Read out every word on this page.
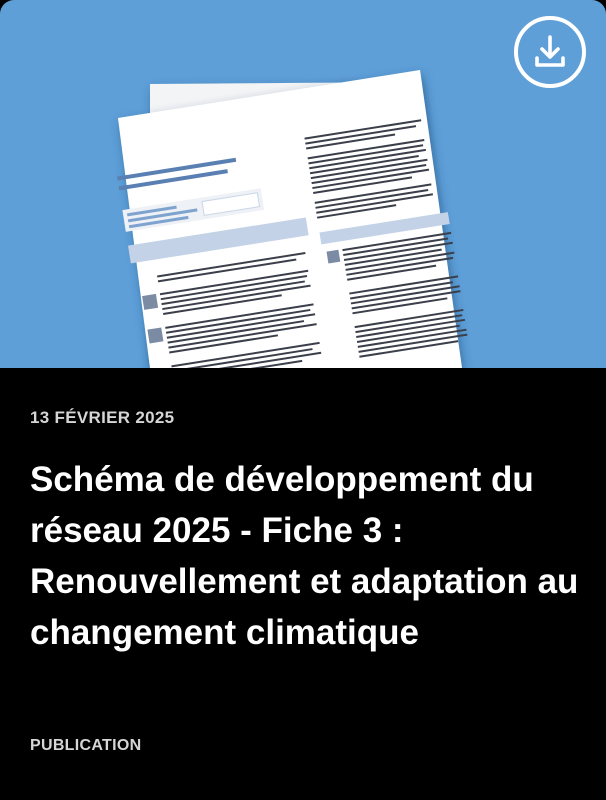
13 FÉVRIER 2025
Schéma de développement du réseau 2025 - Fiche 3 : Renouvellement et adaptation au changement climatique
PUBLICATION
